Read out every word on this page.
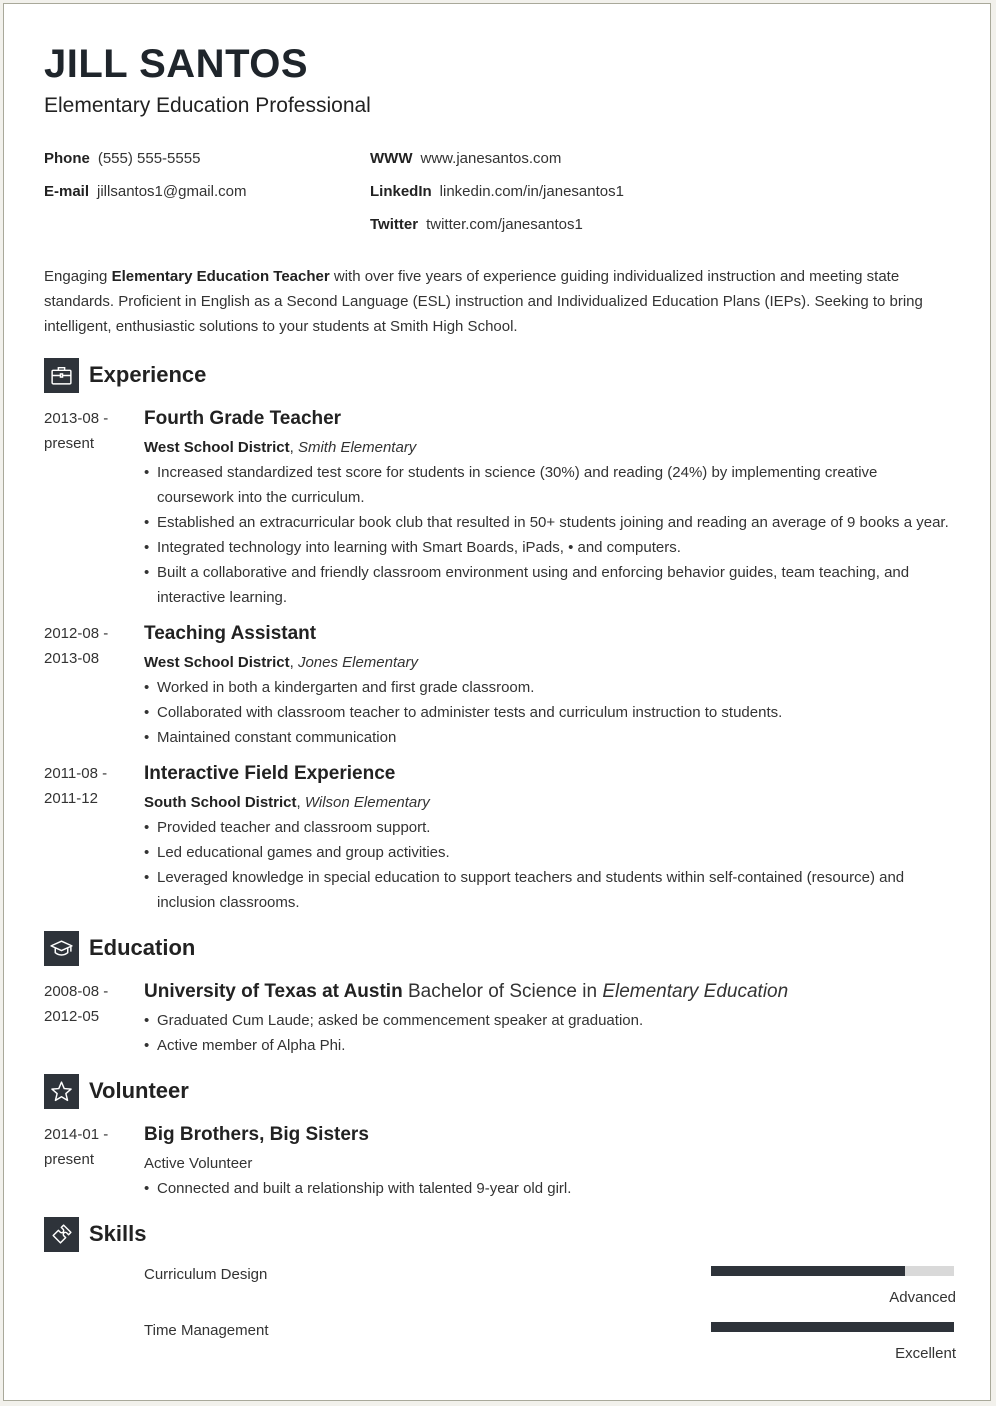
JILL SANTOS
Elementary Education Professional
Phone (555) 555-5555
E-mail jillsantos1@gmail.com
WWW www.janesantos.com
LinkedIn linkedin.com/in/janesantos1
Twitter twitter.com/janesantos1
Engaging Elementary Education Teacher with over five years of experience guiding individualized instruction and meeting state standards. Proficient in English as a Second Language (ESL) instruction and Individualized Education Plans (IEPs). Seeking to bring intelligent, enthusiastic solutions to your students at Smith High School.
Experience
2013-08 -
present
Fourth Grade Teacher
West School District, Smith Elementary
• Increased standardized test score for students in science (30%) and reading (24%) by implementing creative coursework into the curriculum.
• Established an extracurricular book club that resulted in 50+ students joining and reading an average of 9 books a year.
• Integrated technology into learning with Smart Boards, iPads, • and computers.
• Built a collaborative and friendly classroom environment using and enforcing behavior guides, team teaching, and interactive learning.
2012-08 -
2013-08
Teaching Assistant
West School District, Jones Elementary
• Worked in both a kindergarten and first grade classroom.
• Collaborated with classroom teacher to administer tests and curriculum instruction to students.
• Maintained constant communication
2011-08 -
2011-12
Interactive Field Experience
South School District, Wilson Elementary
• Provided teacher and classroom support.
• Led educational games and group activities.
• Leveraged knowledge in special education to support teachers and students within self-contained (resource) and inclusion classrooms.
Education
2008-08 -
2012-05
University of Texas at Austin Bachelor of Science in Elementary Education
• Graduated Cum Laude; asked be commencement speaker at graduation.
• Active member of Alpha Phi.
Volunteer
2014-01 -
present
Big Brothers, Big Sisters
Active Volunteer
• Connected and built a relationship with talented 9-year old girl.
Skills
Curriculum Design
Advanced
Time Management
Excellent
